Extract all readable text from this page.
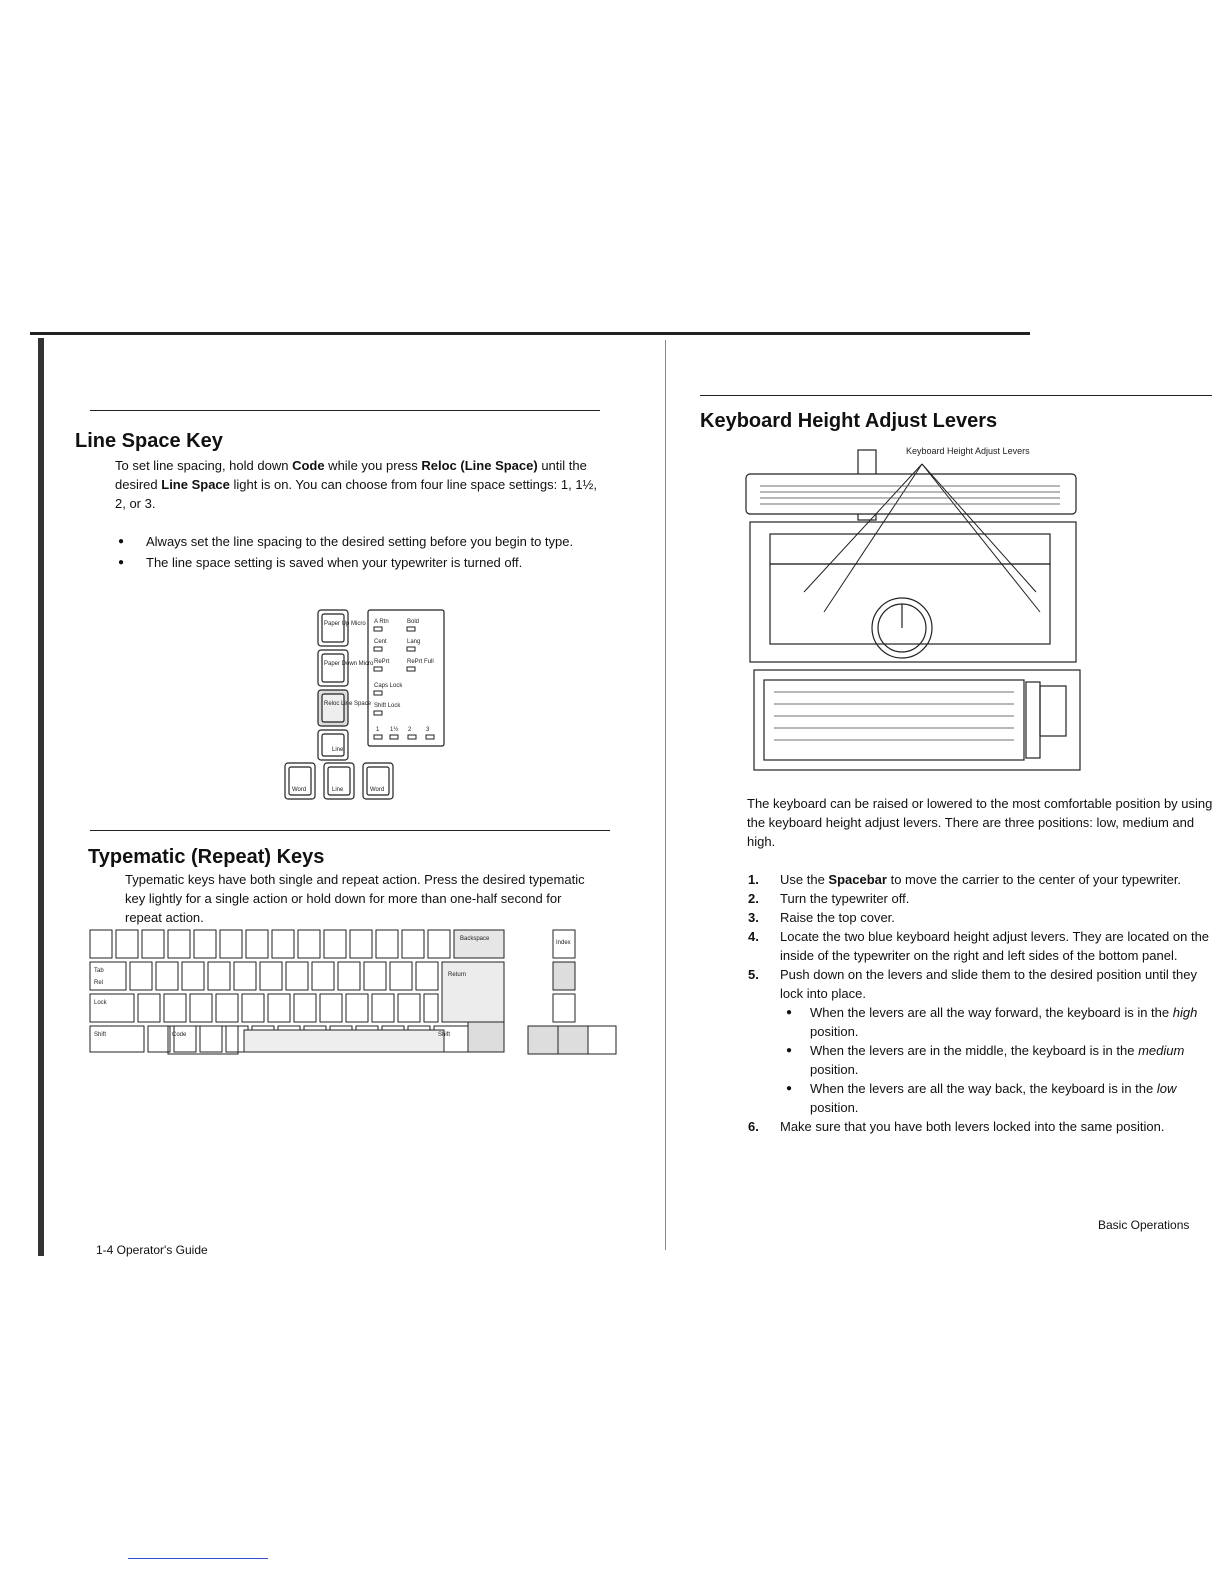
Line Space Key

To set line spacing, hold down Code while you press Reloc (Line Space) until the desired Line Space light is on. You can choose from four line space settings: 1, 1½, 2, or 3.

● Always set the line spacing to the desired setting before you begin to type.
● The line space setting is saved when your typewriter is turned off.
Paper Up Micro
Paper Down Micro
Reloc Line Space
Line
Word	Line	Word
A Rtn	Bold
Cent	Lang
RePrt	RePrt Full
Caps Lock
Shift Lock
1 1½ 2 3
Typematic (Repeat) Keys

Typematic keys have both single and repeat action. Press the desired typematic key lightly for a single action or hold down for more than one-half second for repeat action.

Tab
Rel
Lock
Shift	Code
Backspace
Index
Return
Shift
1-4 Operator's Guide
Keyboard Height Adjust Levers
Keyboard Height Adjust Levers

The keyboard can be raised or lowered to the most comfortable position by using the keyboard height adjust levers. There are three positions: low, medium and high.

1. Use the Spacebar to move the carrier to the center of your typewriter.
2. Turn the typewriter off.
3. Raise the top cover.
4. Locate the two blue keyboard height adjust levers. They are located on the inside of the typewriter on the right and left sides of the bottom panel.
5. Push down on the levers and slide them to the desired position until they lock into place.
● When the levers are all the way forward, the keyboard is in the high position.
● When the levers are in the middle, the keyboard is in the medium position.
● When the levers are all the way back, the keyboard is in the low position.
6. Make sure that you have both levers locked into the same position.
Basic Operations
